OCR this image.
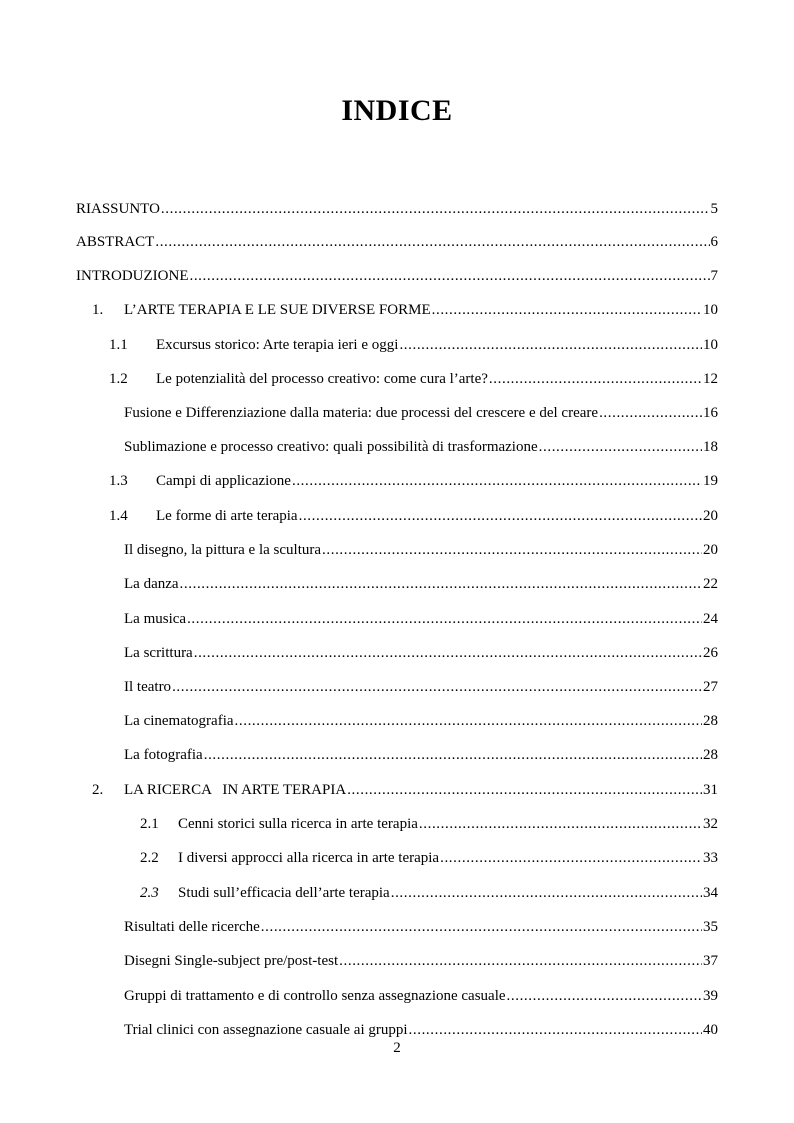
INDICE
RIASSUNTO .....	5
ABSTRACT .....	6
INTRODUZIONE .....	7
1.	L’ARTE TERAPIA E LE SUE DIVERSE FORME .....	10
1.1	Excursus storico: Arte terapia ieri e oggi .....	10
1.2	Le potenzialità del processo creativo: come cura l’arte? .....	12
Fusione e Differenziazione dalla materia: due processi del crescere e del creare .....	16
Sublimazione e processo creativo: quali possibilità di trasformazione .....	18
1.3	Campi di applicazione .....	19
1.4	Le forme di arte terapia .....	20
Il disegno, la pittura e la scultura .....	20
La danza .....	22
La musica .....	24
La scrittura .....	26
Il teatro .....	27
La cinematografia .....	28
La fotografia .....	28
2.	LA RICERCA   IN ARTE TERAPIA .....	31
2.1	Cenni storici sulla ricerca in arte terapia .....	32
2.2	I diversi approcci alla ricerca in arte terapia .....	33
2.3	Studi sull’efficacia dell’arte terapia .....	34
Risultati delle ricerche .....	35
Disegni Single-subject pre/post-test .....	37
Gruppi di trattamento e di controllo senza assegnazione casuale .....	39
Trial clinici con assegnazione casuale ai gruppi .....	40
2
